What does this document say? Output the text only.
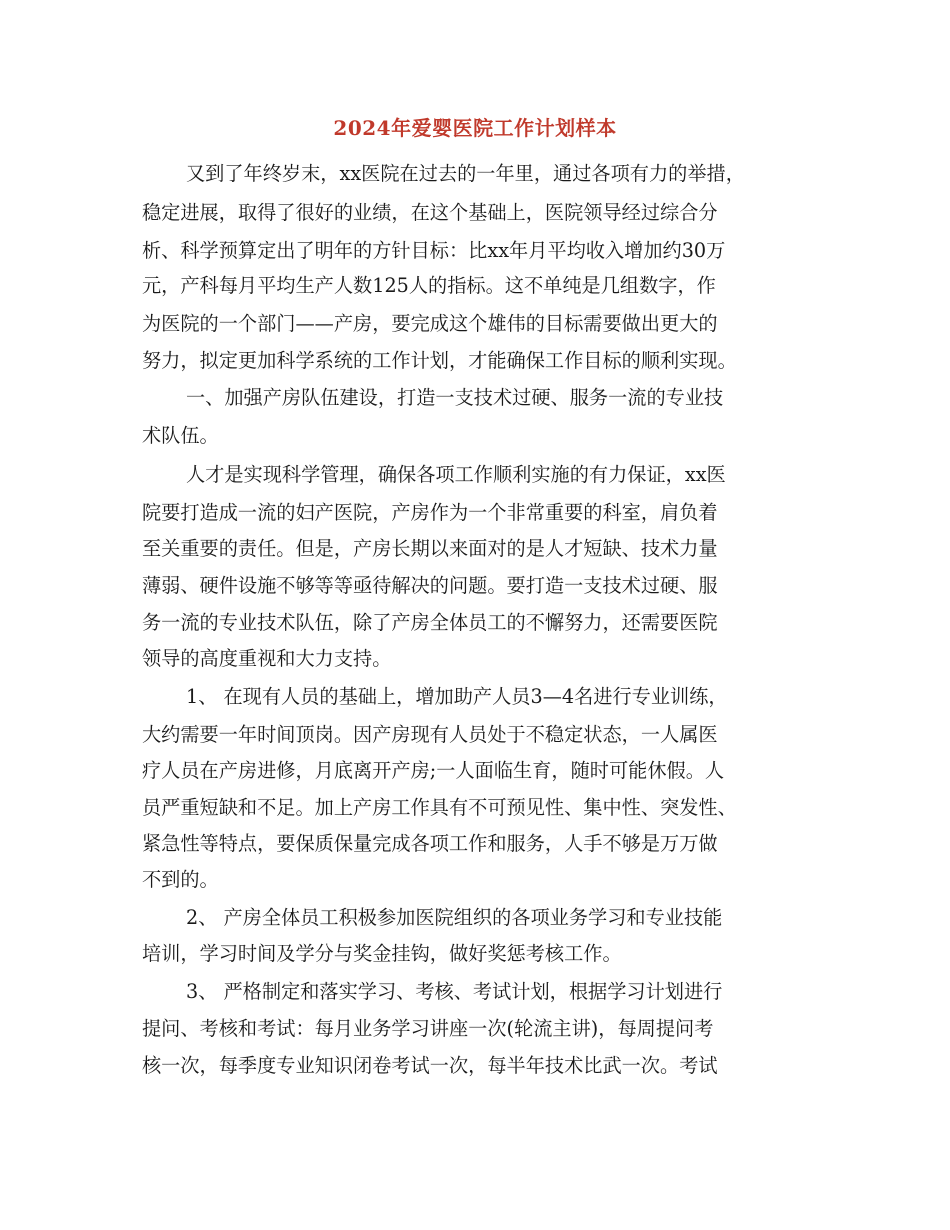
2024年爱婴医院工作计划样本
又到了年终岁末，xx医院在过去的一年里，通过各项有力的举措，
稳定进展，取得了很好的业绩，在这个基础上，医院领导经过综合分
析、科学预算定出了明年的方针目标：比xx年月平均收入增加约30万
元，产科每月平均生产人数125人的指标。这不单纯是几组数字，作
为医院的一个部门——产房，要完成这个雄伟的目标需要做出更大的
努力，拟定更加科学系统的工作计划，才能确保工作目标的顺利实现。
一、加强产房队伍建设，打造一支技术过硬、服务一流的专业技
术队伍。
人才是实现科学管理，确保各项工作顺利实施的有力保证，xx医
院要打造成一流的妇产医院，产房作为一个非常重要的科室，肩负着
至关重要的责任。但是，产房长期以来面对的是人才短缺、技术力量
薄弱、硬件设施不够等等亟待解决的问题。要打造一支技术过硬、服
务一流的专业技术队伍，除了产房全体员工的不懈努力，还需要医院
领导的高度重视和大力支持。
1、 在现有人员的基础上，增加助产人员3—4名进行专业训练，
大约需要一年时间顶岗。因产房现有人员处于不稳定状态，一人属医
疗人员在产房进修，月底离开产房;一人面临生育，随时可能休假。人
员严重短缺和不足。加上产房工作具有不可预见性、集中性、突发性、
紧急性等特点，要保质保量完成各项工作和服务，人手不够是万万做
不到的。
2、 产房全体员工积极参加医院组织的各项业务学习和专业技能
培训，学习时间及学分与奖金挂钩，做好奖惩考核工作。
3、 严格制定和落实学习、考核、考试计划，根据学习计划进行
提问、考核和考试：每月业务学习讲座一次(轮流主讲)，每周提问考
核一次，每季度专业知识闭卷考试一次，每半年技术比武一次。考试
